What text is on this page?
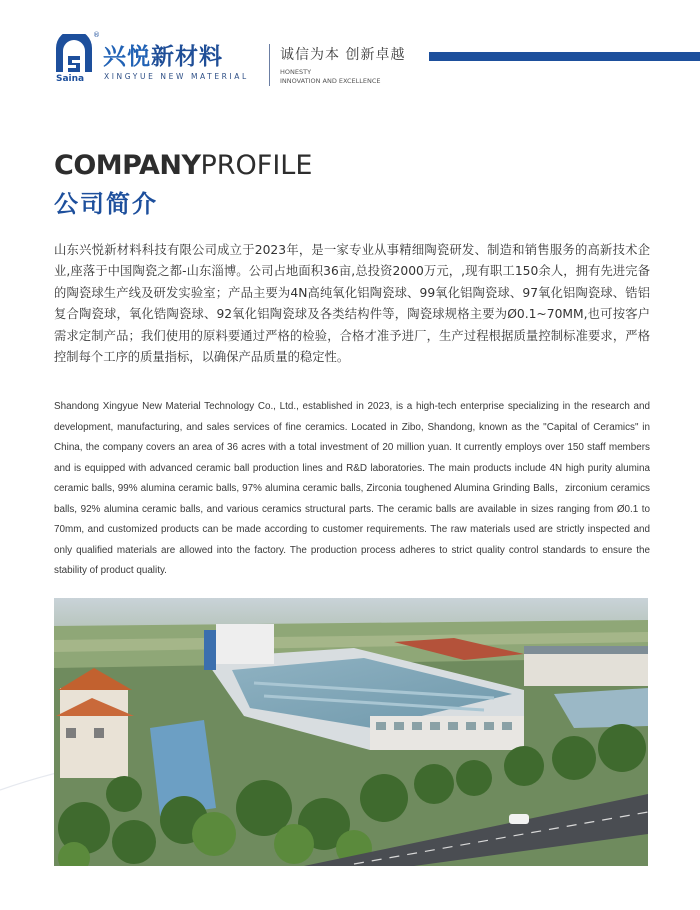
®
Saina
兴悦新材料
XINGYUE NEW MATERIAL
诚信为本 创新卓越
HONESTY
INNOVATION AND EXCELLENCE
COMPANYPROFILE
公司简介

山东兴悦新材料科技有限公司成立于2023年，是一家专业从事精细陶瓷研发、制造和销售服务的高新技术企业,座落于中国陶瓷之都-山东淄博。公司占地面积36亩,总投资2000万元，,现有职工150余人，拥有先进完备的陶瓷球生产线及研发实验室；产品主要为4N高纯氧化铝陶瓷球、99氧化铝陶瓷球、97氧化铝陶瓷球、锆铝复合陶瓷球，氧化锆陶瓷球、92氧化铝陶瓷球及各类结构件等，陶瓷球规格主要为Ø0.1~70MM,也可按客户需求定制产品；我们使用的原料要通过严格的检验，合格才准予进厂，生产过程根据质量控制标准要求，严格控制每个工序的质量指标，以确保产品质量的稳定性。

Shandong Xingyue New Material Technology Co., Ltd., established in 2023, is a high-tech enterprise specializing in the research and development, manufacturing, and sales services of fine ceramics. Located in Zibo, Shandong, known as the "Capital of Ceramics" in China, the company covers an area of 36 acres with a total investment of 20 million yuan. It currently employs over 150 staff members and is equipped with advanced ceramic ball production lines and R&D laboratories. The main products include 4N high purity alumina ceramic balls, 99% alumina ceramic balls, 97% alumina ceramic balls, Zirconia toughened Alumina Grinding Balls，zirconium ceramics balls, 92% alumina ceramic balls, and various ceramics structural parts. The ceramic balls are available in sizes ranging from Ø0.1 to 70mm, and customized products can be made according to customer requirements. The raw materials used are strictly inspected and only qualified materials are allowed into the factory. The production process adheres to strict quality control standards to ensure the stability of product quality.
